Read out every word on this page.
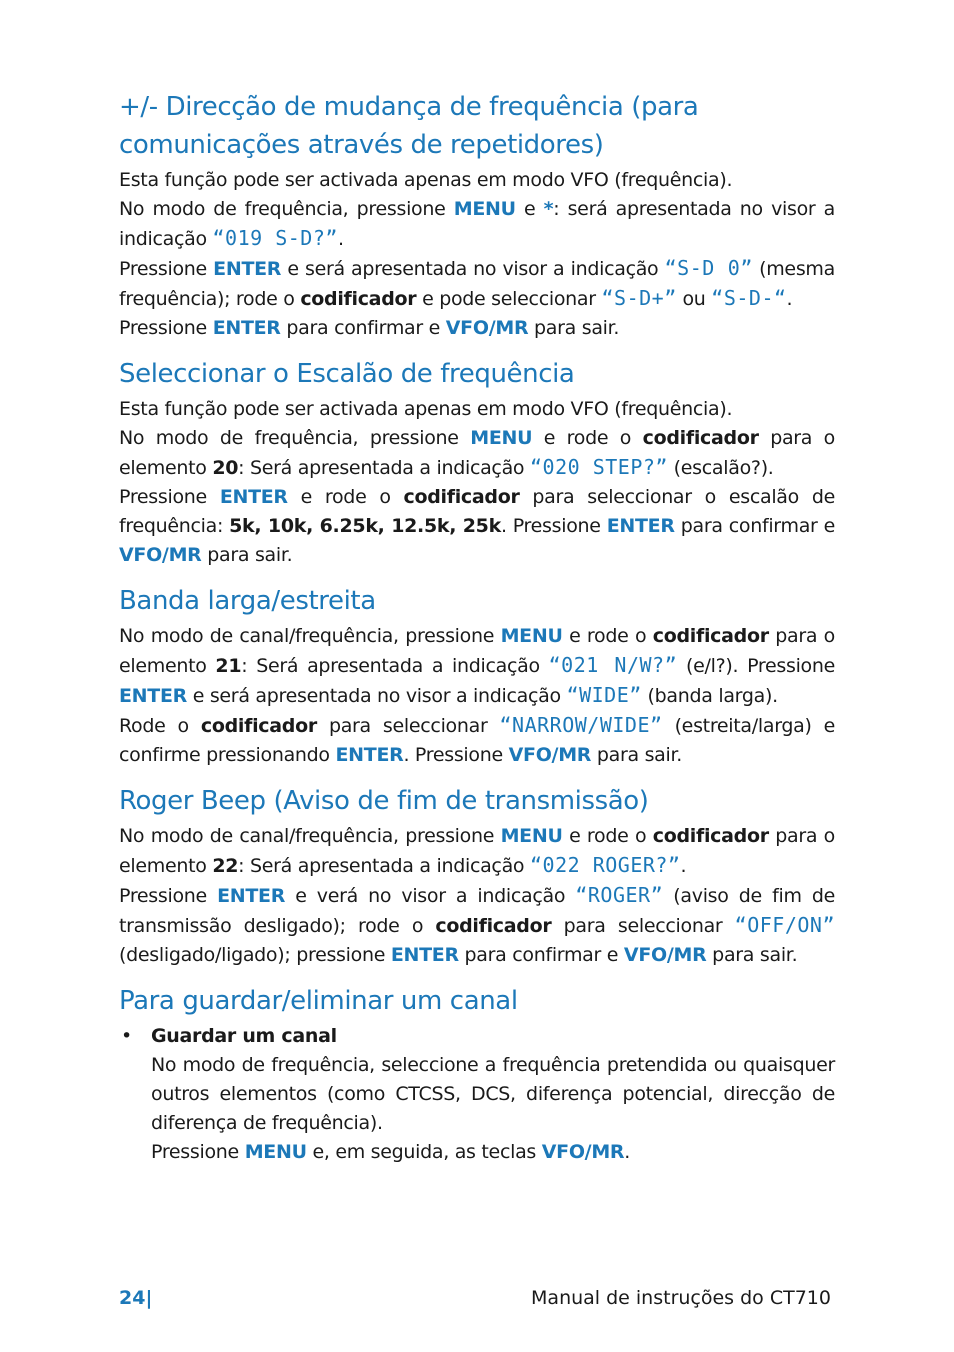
+/- Direcção de mudança de frequência (para comunicações através de repetidores)

Esta função pode ser activada apenas em modo VFO (frequência).

No modo de frequência, pressione MENU e *: será apresentada no visor a indicação “019 S-D?”.

Pressione ENTER e será apresentada no visor a indicação “S-D 0” (mesma frequência); rode o codificador e pode seleccionar “S-D+” ou “S-D-“.

Pressione ENTER para confirmar e VFO/MR para sair.

Seleccionar o Escalão de frequência

Esta função pode ser activada apenas em modo VFO (frequência).

No modo de frequência, pressione MENU e rode o codificador para o elemento 20: Será apresentada a indicação “020 STEP?” (escalão?).

Pressione ENTER e rode o codificador para seleccionar o escalão de frequência: 5k, 10k, 6.25k, 12.5k, 25k. Pressione ENTER para confirmar e VFO/MR para sair.

Banda larga/estreita

No modo de canal/frequência, pressione MENU e rode o codificador para o elemento 21: Será apresentada a indicação “021 N/W?” (e/l?). Pressione ENTER e será apresentada no visor a indicação “WIDE” (banda larga).

Rode o codificador para seleccionar “NARROW/WIDE” (estreita/larga) e confirme pressionando ENTER. Pressione VFO/MR para sair.

Roger Beep (Aviso de fim de transmissão)

No modo de canal/frequência, pressione MENU e rode o codificador para o elemento 22: Será apresentada a indicação “022 ROGER?”.

Pressione ENTER e verá no visor a indicação “ROGER” (aviso de fim de transmissão desligado); rode o codificador para seleccionar “OFF/ON” (desligado/ligado); pressione ENTER para confirmar e VFO/MR para sair.

Para guardar/eliminar um canal
• Guardar um canal

No modo de frequência, seleccione a frequência pretendida ou quaisquer outros elementos (como CTCSS, DCS, diferença potencial, direcção de diferença de frequência).

Pressione MENU e, em seguida, as teclas VFO/MR.

24|	Manual de instruções do CT710
